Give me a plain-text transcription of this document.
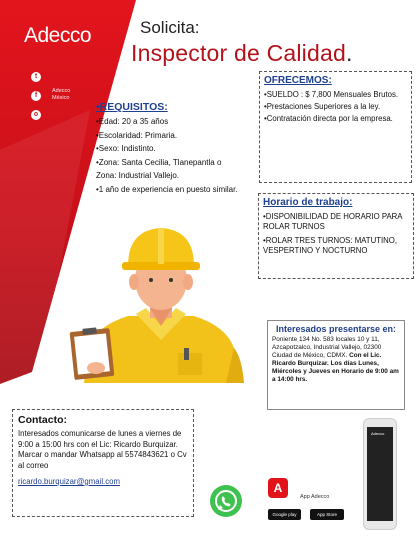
Adecco
t
f
o
Adecco
México
Solicita:
Inspector de Calidad.
OFRECEMOS:
•SUELDO : $ 7,800 Mensuales Brutos.
•Prestaciones Superiores a la ley.
•Contratación directa por la empresa.
•REQUISITOS:
•Edad: 20 a 35 años
•Escolaridad: Primaria.
•Sexo: Indistinto.
•Zona: Santa Cecilia, Tlanepantla o
Zona: Industrial Vallejo.
•1 año de experiencia en puesto similar.
Horario de trabajo:
•DISPONIBILIDAD DE HORARIO PARA ROLAR TURNOS
•ROLAR TRES TURNOS: MATUTINO, VESPERTINO Y NOCTURNO
Interesados presentarse en:

Poniente 134 No. 583 locales 10 y 11, Azcapotzalco, Industrial Vallejo, 02300 Ciudad de México, CDMX. Con el Lic. Ricardo Burquizar. Los días Lunes, Miércoles y Jueves en Horario de 9:00 am a 14:00 hrs.

Contacto:

Interesados comunicarse de lunes a viernes de 9:00 a 15:00 hrs con el Lic: Ricardo Burquizar. Marcar o mandar Whatsapp al 5574843621 o Cv al correo

ricardo.burquizar@gmail.com	A
App Adecco
Google play	App Store
Adecco
